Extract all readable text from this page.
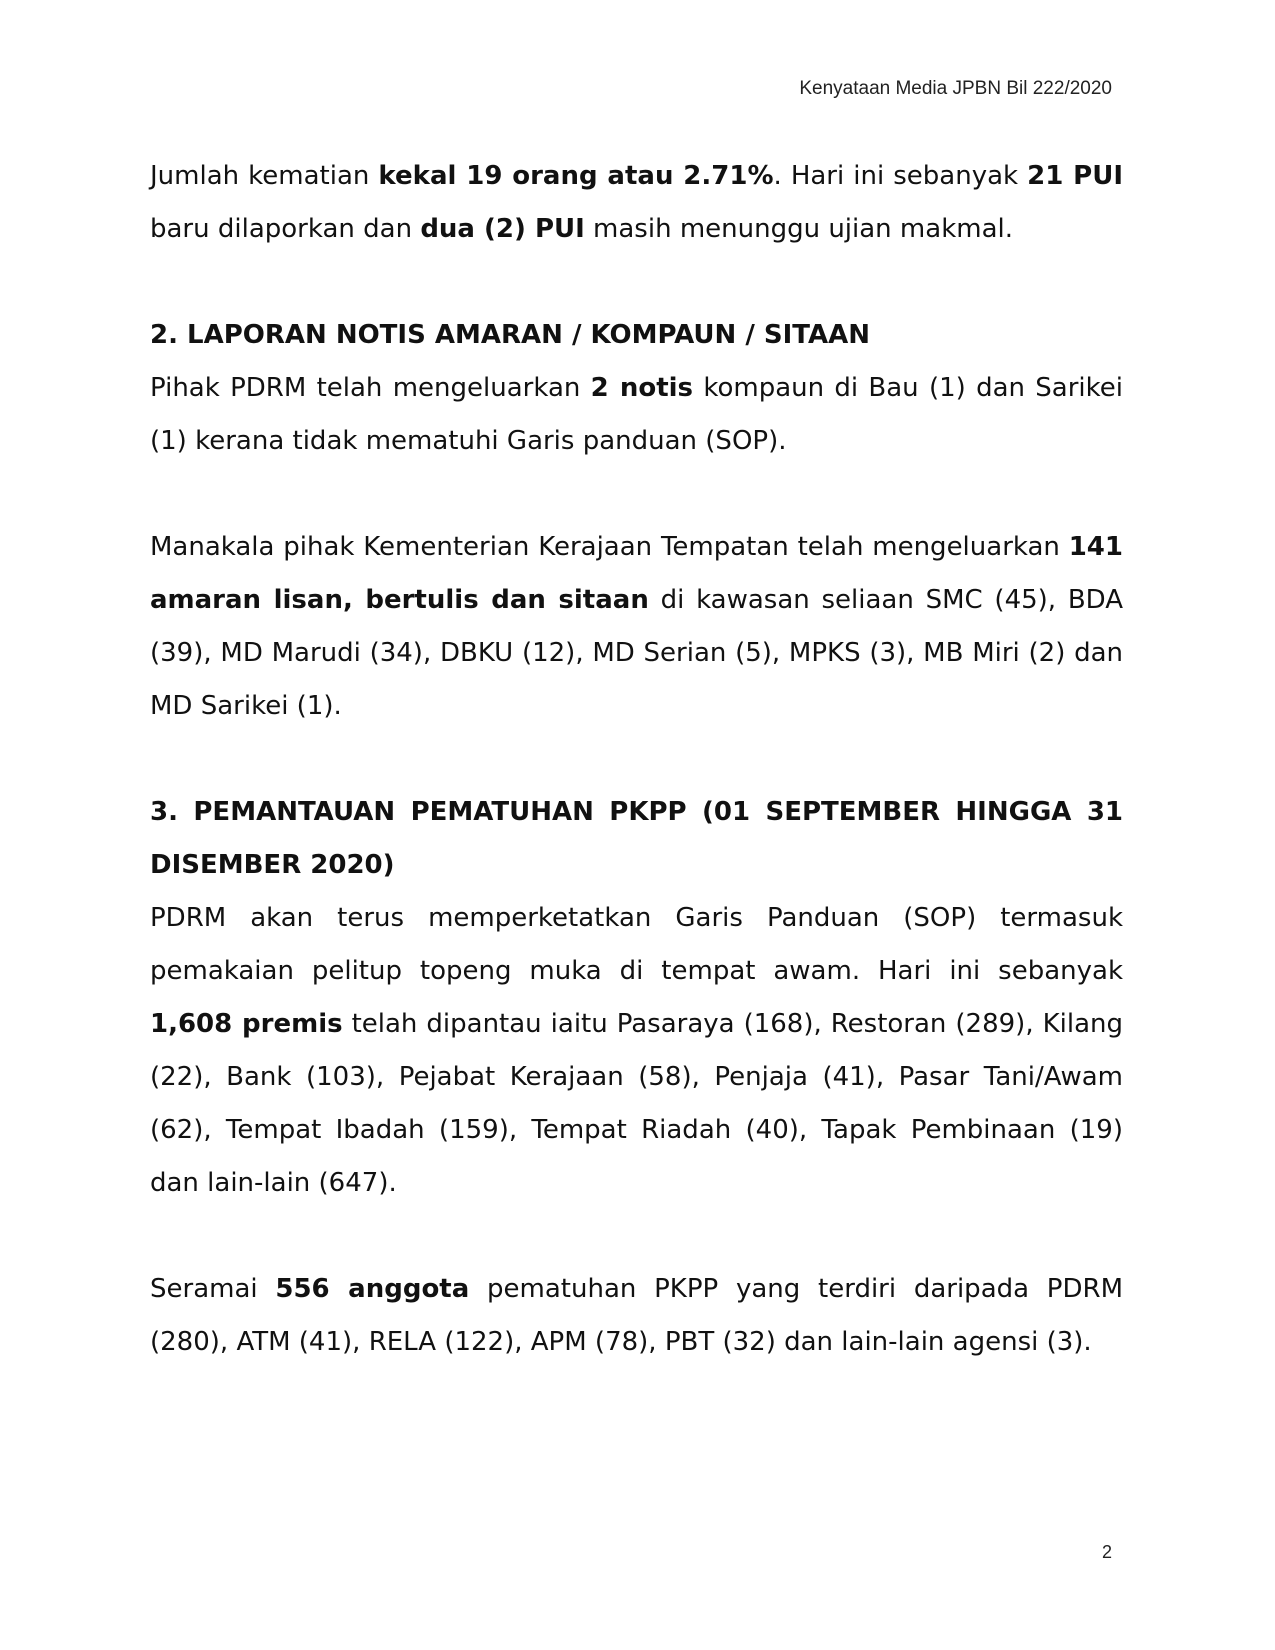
Kenyataan Media JPBN Bil 222/2020

Jumlah kematian kekal 19 orang atau 2.71%. Hari ini sebanyak 21 PUI baru dilaporkan dan dua (2) PUI masih menunggu ujian makmal.

2. LAPORAN NOTIS AMARAN / KOMPAUN / SITAAN

Pihak PDRM telah mengeluarkan 2 notis kompaun di Bau (1) dan Sarikei (1) kerana tidak mematuhi Garis panduan (SOP).

Manakala pihak Kementerian Kerajaan Tempatan telah mengeluarkan 141 amaran lisan, bertulis dan sitaan di kawasan seliaan SMC (45), BDA (39), MD Marudi (34), DBKU (12), MD Serian (5), MPKS (3), MB Miri (2) dan MD Sarikei (1).

3. PEMANTAUAN PEMATUHAN PKPP (01 SEPTEMBER HINGGA 31 DISEMBER 2020)

PDRM akan terus memperketatkan Garis Panduan (SOP) termasuk pemakaian pelitup topeng muka di tempat awam. Hari ini sebanyak 1,608 premis telah dipantau iaitu Pasaraya (168), Restoran (289), Kilang (22), Bank (103), Pejabat Kerajaan (58), Penjaja (41), Pasar Tani/Awam (62), Tempat Ibadah (159), Tempat Riadah (40), Tapak Pembinaan (19) dan lain-lain (647).

Seramai 556 anggota pematuhan PKPP yang terdiri daripada PDRM (280), ATM (41), RELA (122), APM (78), PBT (32) dan lain-lain agensi (3).

2
